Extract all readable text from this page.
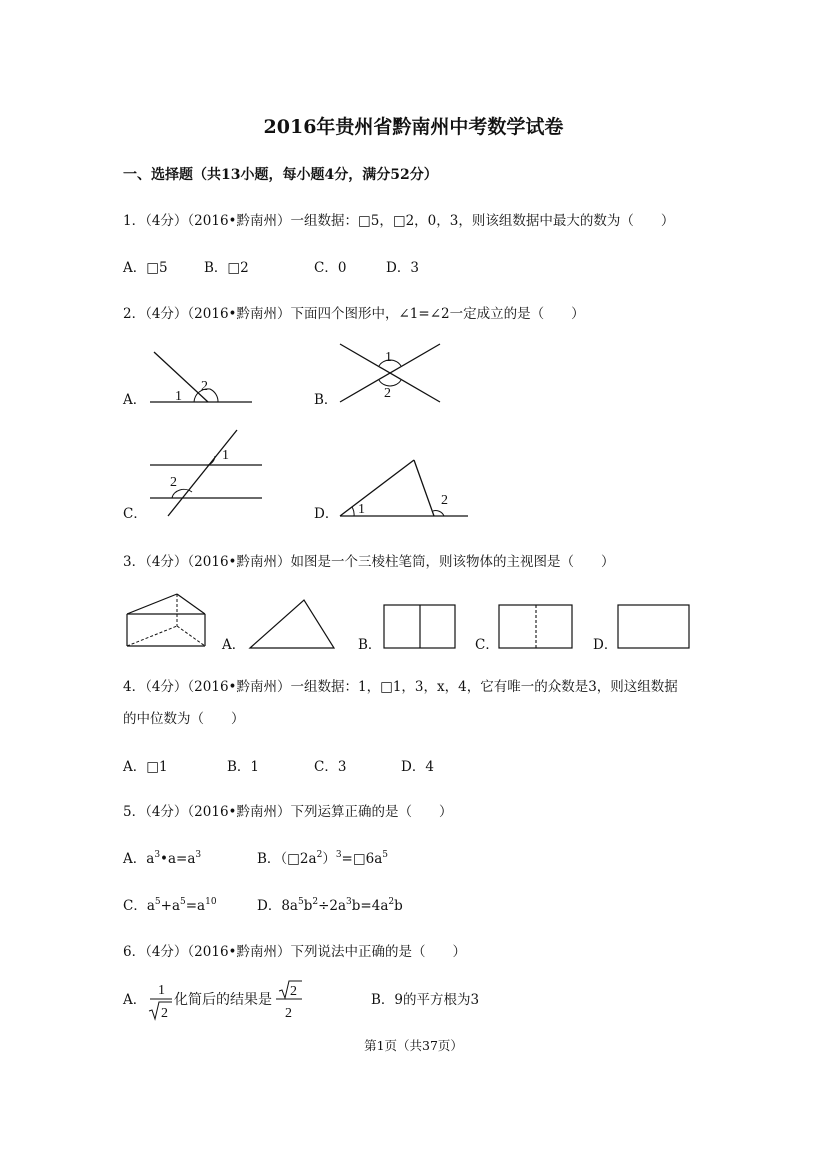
2016年贵州省黔南州中考数学试卷
一、选择题（共13小题，每小题4分，满分52分）
1．（4分）（2016•黔南州）一组数据：□5，□2，0，3，则该组数据中最大的数为（　　）
A．□5	B．□2	C．0	D．3
2．（4分）（2016•黔南州）下面四个图形中，∠1=∠2一定成立的是（　　）
A． 1
2
B．
1
2
C．
1
2
D． 1
2
3．（4分）（2016•黔南州）如图是一个三棱柱笔筒，则该物体的主视图是（　　）
A．	B．	C．	D．
4．（4分）（2016•黔南州）一组数据：1，□1，3，x，4，它有唯一的众数是3，则这组数据
的中位数为（　　）
A．□1	B．1	C．3	D．4
5．（4分）（2016•黔南州）下列运算正确的是（　　）
A．$a^3•a=a^3$	B．$(□2a^2)^3=□6a^5$
C．$a^5+a^5=a^{10}$	D．$8a^5b^2\div 2a^3b=4a^2b$
6．（4分）（2016•黔南州）下列说法中正确的是（　　）
A．
1
2
化简后的结果是
2
2
B．9的平方根为3
第1页（共37页）
